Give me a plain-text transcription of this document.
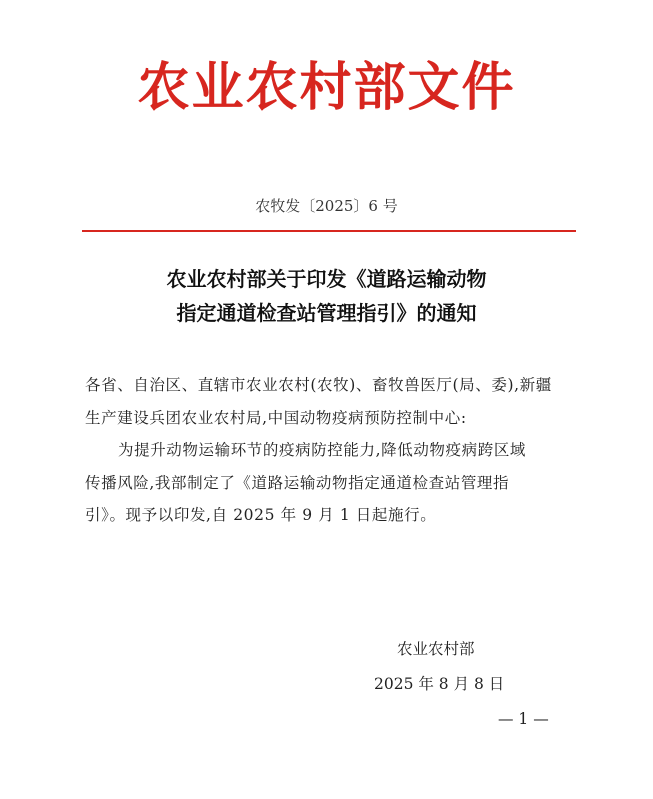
农业农村部文件
农牧发〔2025〕6 号
农业农村部关于印发《道路运输动物
指定通道检查站管理指引》的通知
各省、自治区、直辖市农业农村(农牧)、畜牧兽医厅(局、委),新疆
生产建设兵团农业农村局,中国动物疫病预防控制中心:
为提升动物运输环节的疫病防控能力,降低动物疫病跨区域
传播风险,我部制定了《道路运输动物指定通道检查站管理指
引》。现予以印发,自 2025 年 9 月 1 日起施行。
农业农村部
2025 年 8 月 8 日
— 1 —
